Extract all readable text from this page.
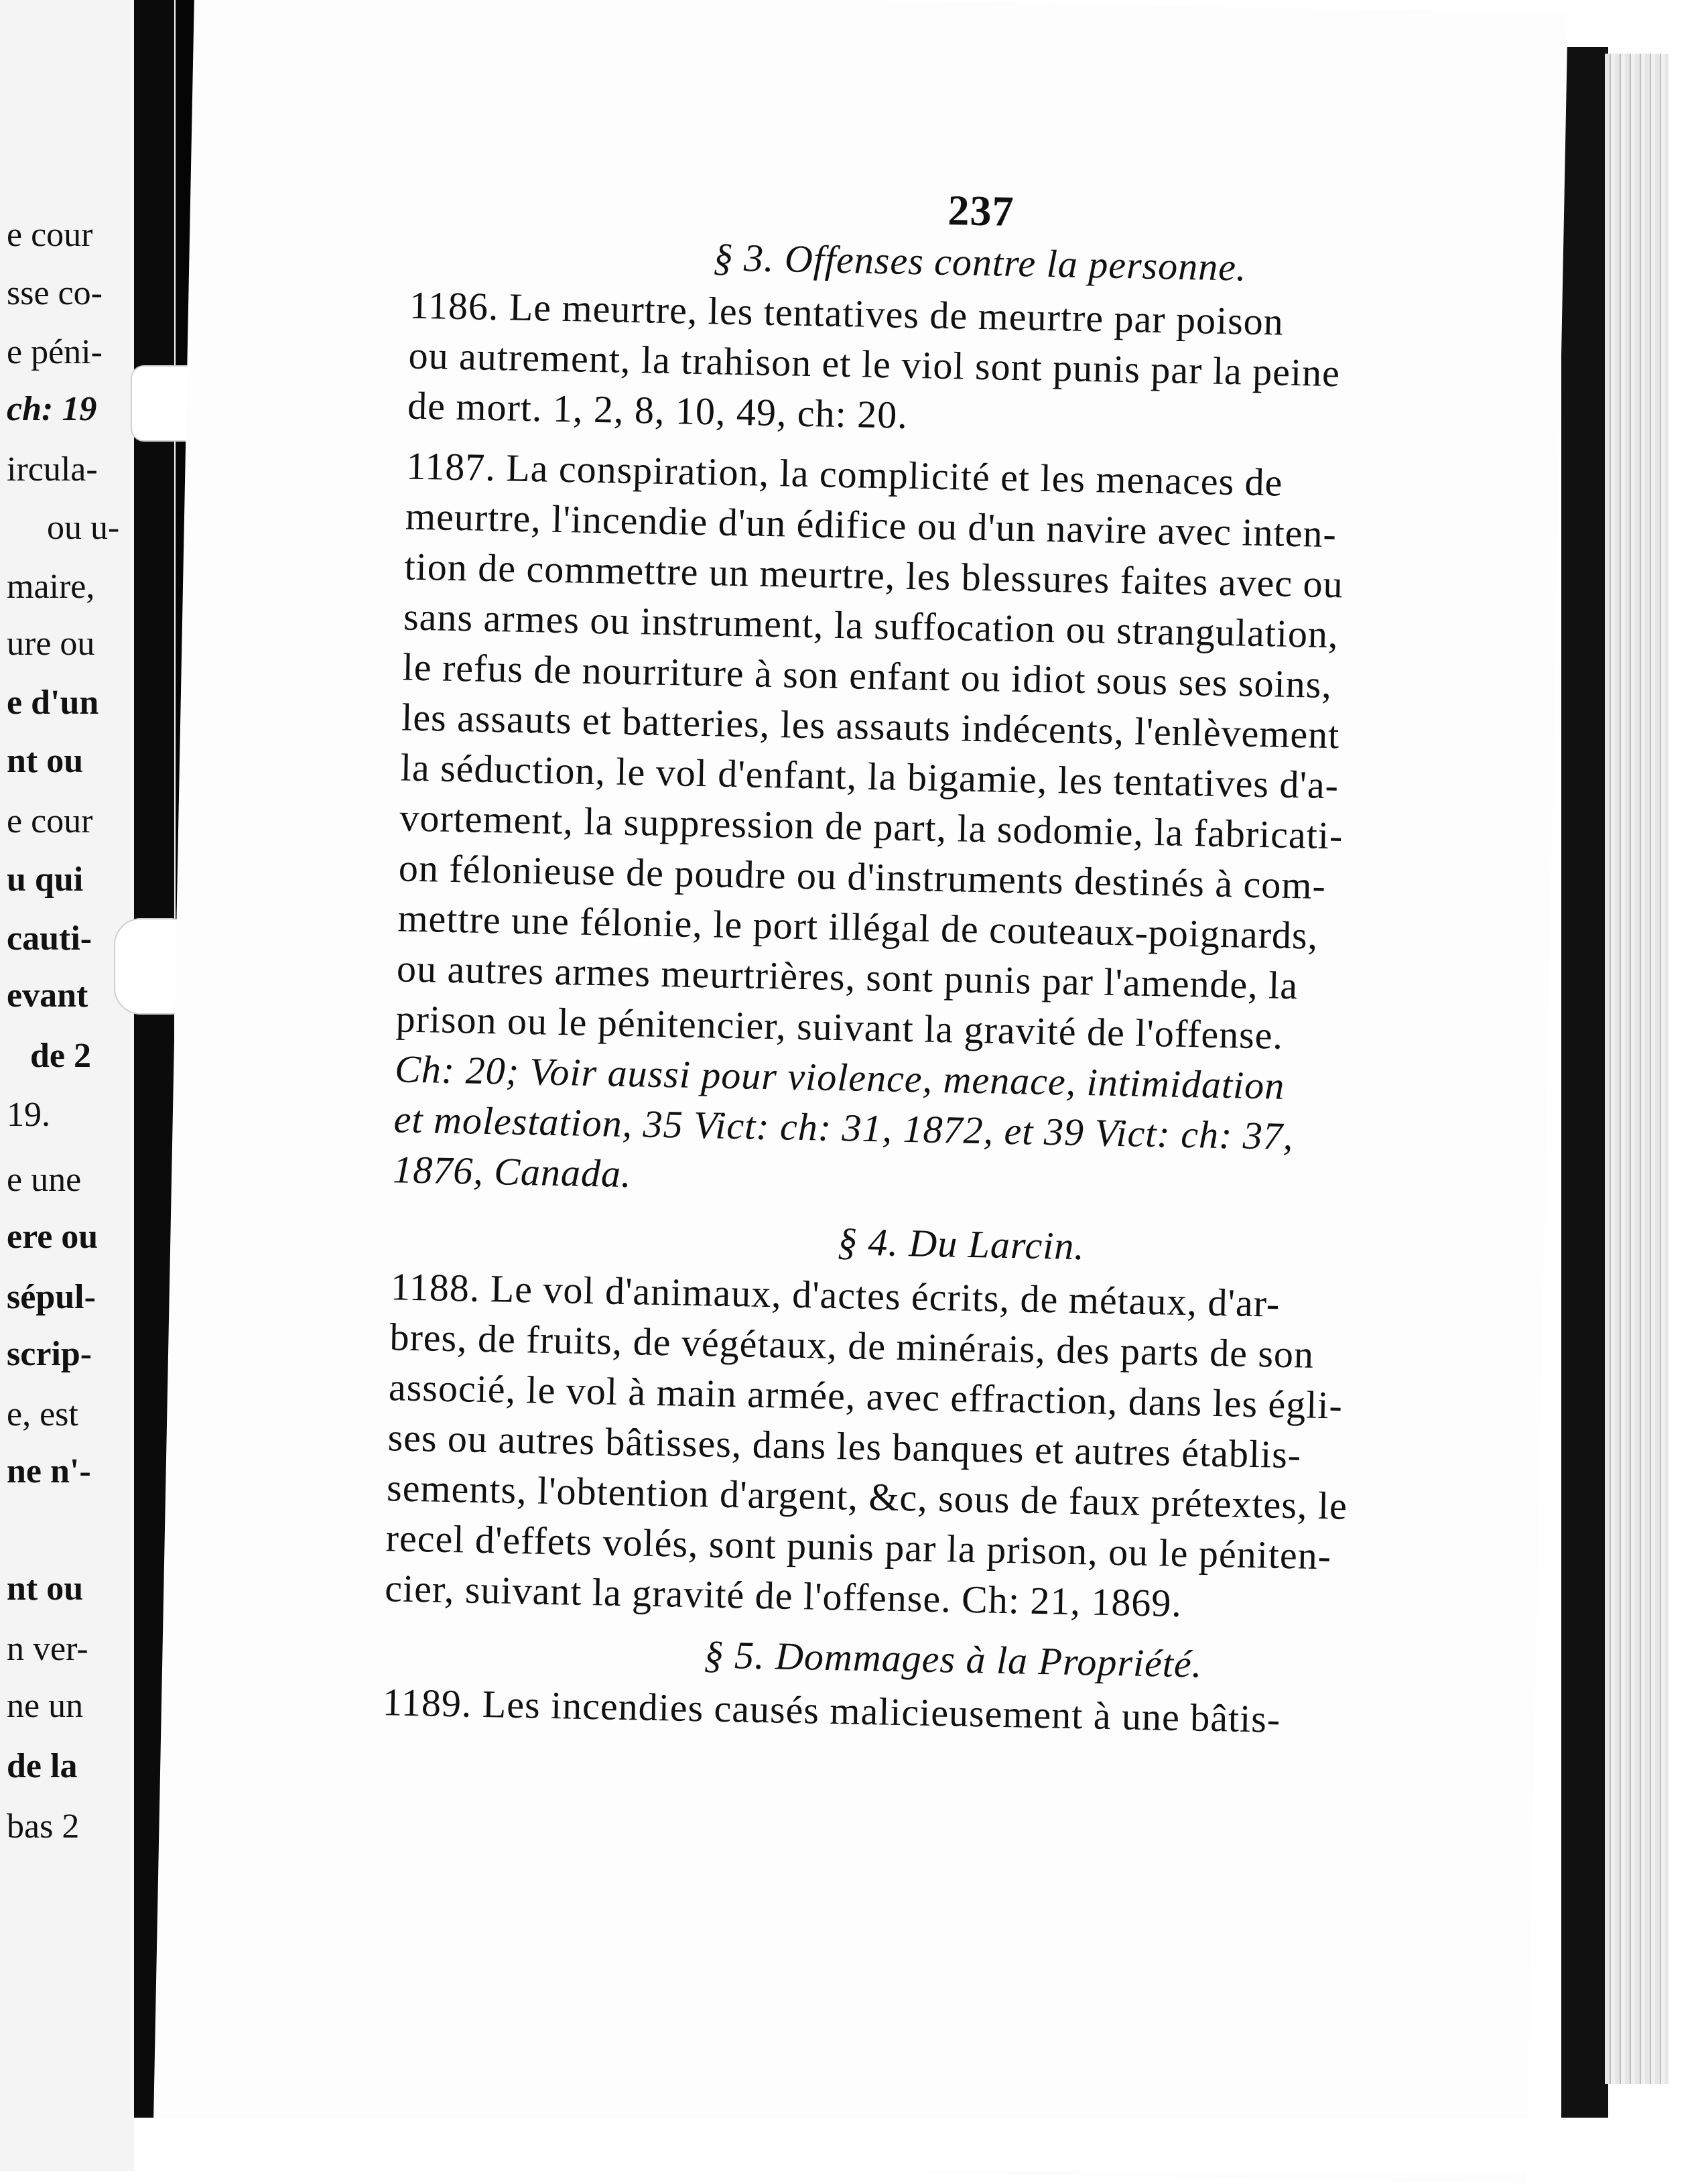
e cour
sse co-
e péni-
ch: 19
ircula-
ou u-
maire,
ure ou
e d'un
nt ou
e cour
u qui
cauti-
evant
de 2
19.
e une
ere ou
sépul-
scrip-
e, est
ne n'-
nt ou
n ver-
ne un
de la
bas 2
237
§ 3. Offenses contre la personne.
1186. Le meurtre, les tentatives de meurtre par poison
ou autrement, la trahison et le viol sont punis par la peine
de mort. 1, 2, 8, 10, 49, ch: 20.
1187. La conspiration, la complicité et les menaces de
meurtre, l'incendie d'un édifice ou d'un navire avec inten-
tion de commettre un meurtre, les blessures faites avec ou
sans armes ou instrument, la suffocation ou strangulation,
le refus de nourriture à son enfant ou idiot sous ses soins,
les assauts et batteries, les assauts indécents, l'enlèvement
la séduction, le vol d'enfant, la bigamie, les tentatives d'a-
vortement, la suppression de part, la sodomie, la fabricati-
on félonieuse de poudre ou d'instruments destinés à com-
mettre une félonie, le port illégal de couteaux-poignards,
ou autres armes meurtrières, sont punis par l'amende, la
prison ou le pénitencier, suivant la gravité de l'offense.
Ch: 20; Voir aussi pour violence, menace, intimidation
et molestation, 35 Vict: ch: 31, 1872, et 39 Vict: ch: 37,
1876, Canada.
§ 4. Du Larcin.
1188. Le vol d'animaux, d'actes écrits, de métaux, d'ar-
bres, de fruits, de végétaux, de minérais, des parts de son
associé, le vol à main armée, avec effraction, dans les égli-
ses ou autres bâtisses, dans les banques et autres établis-
sements, l'obtention d'argent, &c, sous de faux prétextes, le
recel d'effets volés, sont punis par la prison, ou le péniten-
cier, suivant la gravité de l'offense. Ch: 21, 1869.
§ 5. Dommages à la Propriété.
1189. Les incendies causés malicieusement à une bâtis-
